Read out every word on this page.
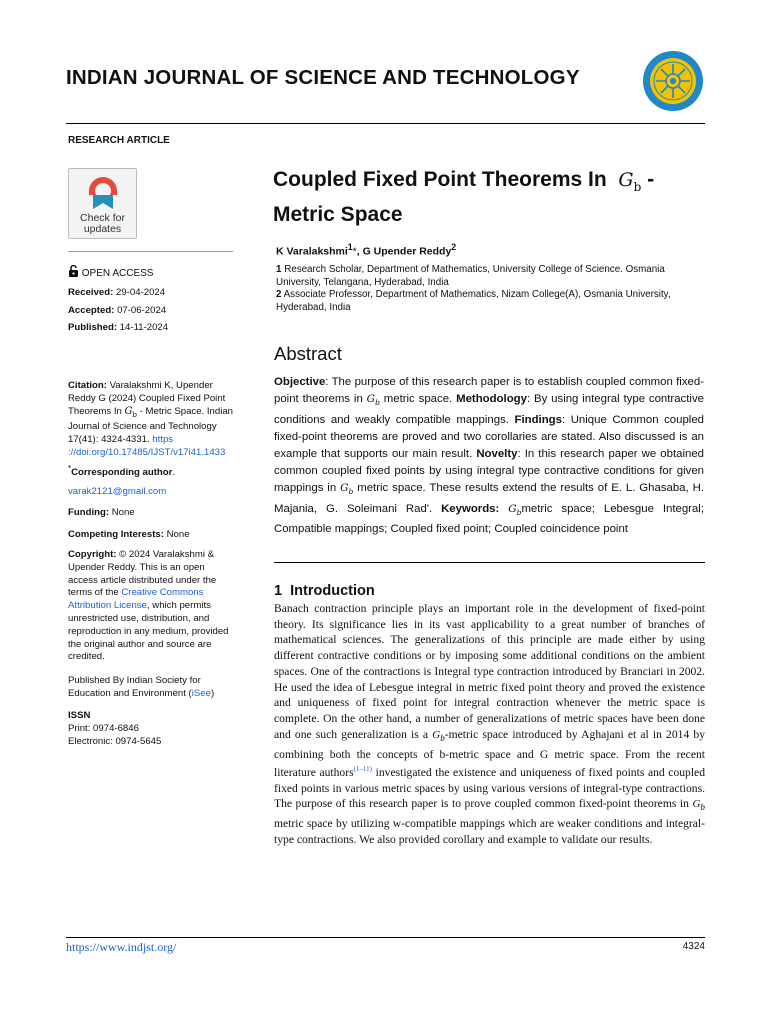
INDIAN JOURNAL OF SCIENCE AND TECHNOLOGY
RESEARCH ARTICLE
Check for
updates
OPEN ACCESS
Received: 29-04-2024
Accepted: 07-06-2024
Published: 14-11-2024
Citation: Varalakshmi K, Upender Reddy G (2024) Coupled Fixed Point Theorems In $G_b$ - Metric Space. Indian Journal of Science and Technology 17(41): 4324-4331. https ://doi.org/10.17485/IJST/v17i41.1433
*Corresponding author.
varak2121@gmail.com
Funding: None
Competing Interests: None
Copyright: © 2024 Varalakshmi & Upender Reddy. This is an open access article distributed under the terms of the Creative Commons Attribution License, which permits unrestricted use, distribution, and reproduction in any medium, provided the original author and source are credited.
Published By Indian Society for Education and Environment (iSee)
ISSN
Print: 0974-6846
Electronic: 0974-5645
Coupled Fixed Point Theorems In $G_b$ -
Metric Space
K Varalakshmi$^1$*, G Upender Reddy$^2$
1 Research Scholar, Department of Mathematics, University College of Science. Osmania University, Telangana, Hyderabad, India
2 Associate Professor, Department of Mathematics, Nizam College(A), Osmania University, Hyderabad, India
Abstract
Objective: The purpose of this research paper is to establish coupled common fixed-point theorems in $G_b$ metric space. Methodology: By using integral type contractive conditions and weakly compatible mappings. Findings: Unique Common coupled fixed-point theorems are proved and two corollaries are stated. Also discussed is an example that supports our main result. Novelty: In this research paper we obtained common coupled fixed points by using integral type contractive conditions for given mappings in $G_b$ metric space. These results extend the results of E. L. Ghasaba, H. Majania, G. Soleimani Rad'. Keywords: $G_bmetric$ space; Lebesgue Integral; Compatible mappings; Coupled fixed point; Coupled coincidence point
1 Introduction
Banach contraction principle plays an important role in the development of fixed-point theory. Its significance lies in its vast applicability to a great number of branches of mathematical sciences. The generalizations of this principle are made either by using different contractive conditions or by imposing some additional conditions on the ambient spaces. One of the contractions is Integral type contraction introduced by Branciari in 2002. He used the idea of Lebesgue integral in metric fixed point theory and proved the existence and uniqueness of fixed point for integral contraction whenever the metric space is complete. On the other hand, a number of generalizations of metric spaces have been done and one such generalization is a $G_b$-metric space introduced by Aghajani et al in 2014 by combining both the concepts of b-metric space and G metric space. From the recent literature authors$^{(1-11)}$ investigated the existence and uniqueness of fixed points and coupled fixed points in various metric spaces by using various versions of integral-type contractions. The purpose of this research paper is to prove coupled common fixed-point theorems in $G_b$ metric space by utilizing w-compatible mappings which are weaker conditions and integral-type contractions. We also provided corollary and example to validate our results.
https://www.indjst.org/	4324
